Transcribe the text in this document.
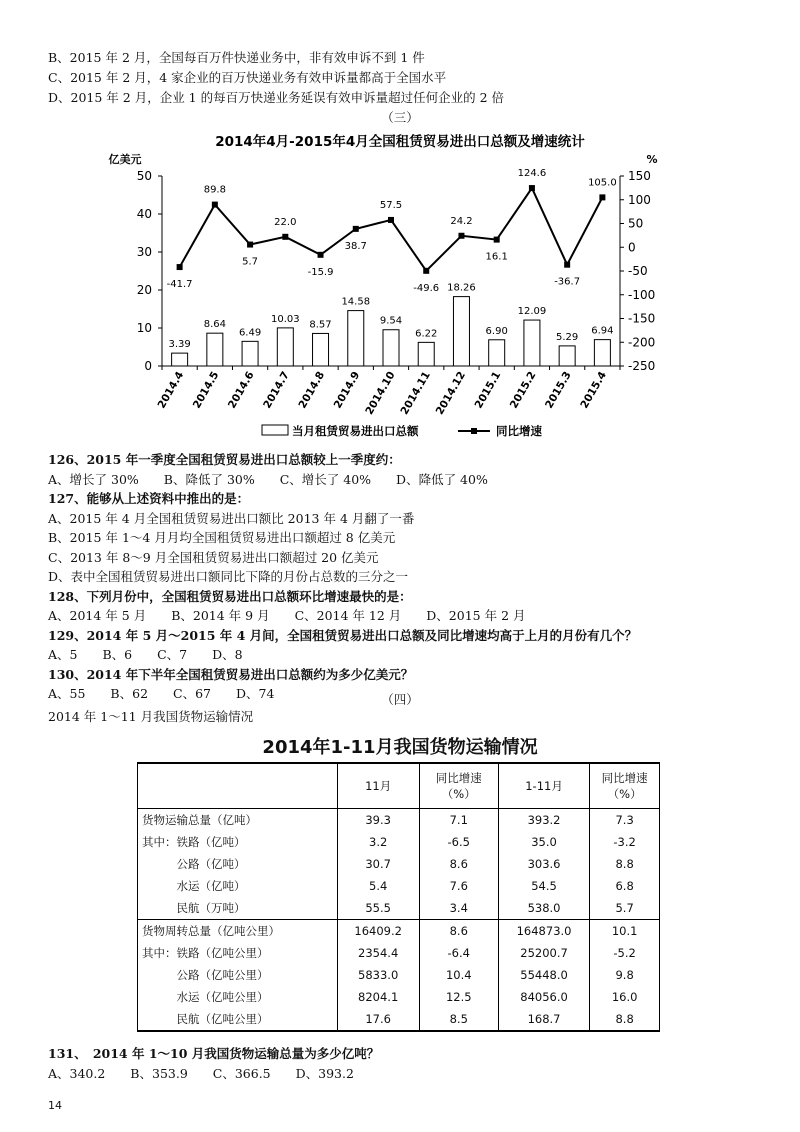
B、2015 年 2 月，全国每百万件快递业务中，非有效申诉不到 1 件
C、2015 年 2 月，4 家企业的百万快递业务有效申诉量都高于全国水平
D、2015 年 2 月，企业 1 的每百万快递业务延误有效申诉量超过任何企业的 2 倍
（三）
2014年4月-2015年4月全国租赁贸易进出口总额及增速统计
亿美元	%
0
10
20
30
40
50
-250
-200
-150
-100
-50
0
50
100
150
2014.4 2014.5 2014.6 2014.7 2014.8 2014.9 2014.10 2014.11 2014.12 2015.1 2015.2 2015.3 2015.4
3.39
8.64
6.49
10.03
8.57
14.58
9.54
6.22
18.26
6.90
12.09
5.29
6.94
-41.7
89.8
5.7
22.0
-15.9
38.7
57.5
-49.6
24.2
16.1
124.6
-36.7
105.0
当月租赁贸易进出口总额	同比增速
126、2015 年一季度全国租赁贸易进出口总额较上一季度约：
A、增长了 30%　　B、降低了 30%　　C、增长了 40%　　D、降低了 40%
127、能够从上述资料中推出的是：
A、2015 年 4 月全国租赁贸易进出口额比 2013 年 4 月翻了一番
B、2015 年 1～4 月月均全国租赁贸易进出口额超过 8 亿美元
C、2013 年 8～9 月全国租赁贸易进出口额超过 20 亿美元
D、表中全国租赁贸易进出口额同比下降的月份占总数的三分之一
128、下列月份中，全国租赁贸易进出口总额环比增速最快的是：
A、2014 年 5 月　　B、2014 年 9 月　　C、2014 年 12 月　　D、2015 年 2 月
129、2014 年 5 月～2015 年 4 月间，全国租赁贸易进出口总额及同比增速均高于上月的月份有几个？
A、5　　B、6　　C、7　　D、8
130、2014 年下半年全国租赁贸易进出口总额约为多少亿美元？
A、55　　B、62　　C、67　　D、74	（四）
2014 年 1～11 月我国货物运输情况
2014年1-11月我国货物运输情况
	11月	同比增速（%）	1-11月	同比增速（%）
货物运输总量（亿吨）	39.3	7.1	393.2	7.3
其中：铁路（亿吨）	3.2	-6.5	35.0	-3.2
　　　公路（亿吨）	30.7	8.6	303.6	8.8
　　　水运（亿吨）	5.4	7.6	54.5	6.8
　　　民航（万吨）	55.5	3.4	538.0	5.7
货物周转总量（亿吨公里）	16409.2	8.6	164873.0	10.1
其中：铁路（亿吨公里）	2354.4	-6.4	25200.7	-5.2
　　　公路（亿吨公里）	5833.0	10.4	55448.0	9.8
　　　水运（亿吨公里）	8204.1	12.5	84056.0	16.0
　　　民航（亿吨公里）	17.6	8.5	168.7	8.8
131、　2014 年 1～10 月我国货物运输总量为多少亿吨？
A、340.2　　B、353.9　　C、366.5　　D、393.2
14
